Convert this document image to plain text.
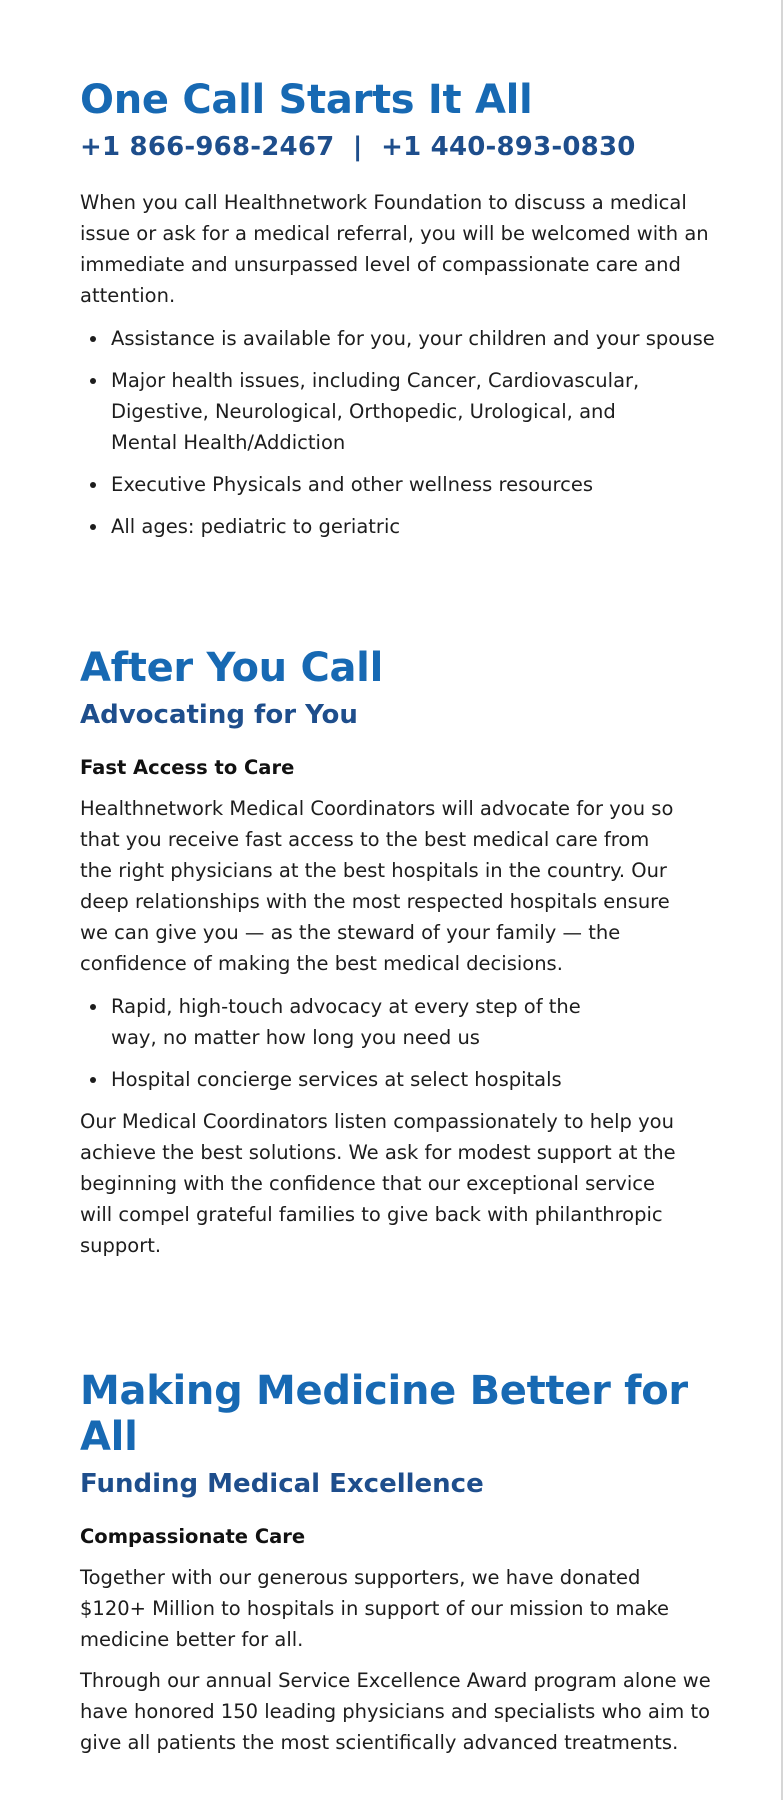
One Call Starts It All
+1 866-968-2467  |  +1 440-893-0830

When you call Healthnetwork Foundation to discuss a medical issue or ask for a medical referral, you will be welcomed with an immediate and unsurpassed level of compassionate care and attention.

Assistance is available for you, your children and your spouse
Major health issues, including Cancer, Cardiovascular, Digestive, Neurological, Orthopedic, Urological, and Mental Health/Addiction
Executive Physicals and other wellness resources
All ages: pediatric to geriatric
After You Call
Advocating for You
Fast Access to Care

Healthnetwork Medical Coordinators will advocate for you so that you receive fast access to the best medical care from the right physicians at the best hospitals in the country. Our deep relationships with the most respected hospitals ensure we can give you — as the steward of your family — the confidence of making the best medical decisions.

Rapid, high-touch advocacy at every step of the way, no matter how long you need us
Hospital concierge services at select hospitals

Our Medical Coordinators listen compassionately to help you achieve the best solutions. We ask for modest support at the beginning with the confidence that our exceptional service will compel grateful families to give back with philanthropic support.

Making Medicine Better for All
Funding Medical Excellence
Compassionate Care

Together with our generous supporters, we have donated $120+ Million to hospitals in support of our mission to make medicine better for all.

Through our annual Service Excellence Award program alone we have honored 150 leading physicians and specialists who aim to give all patients the most scientifically advanced treatments.
